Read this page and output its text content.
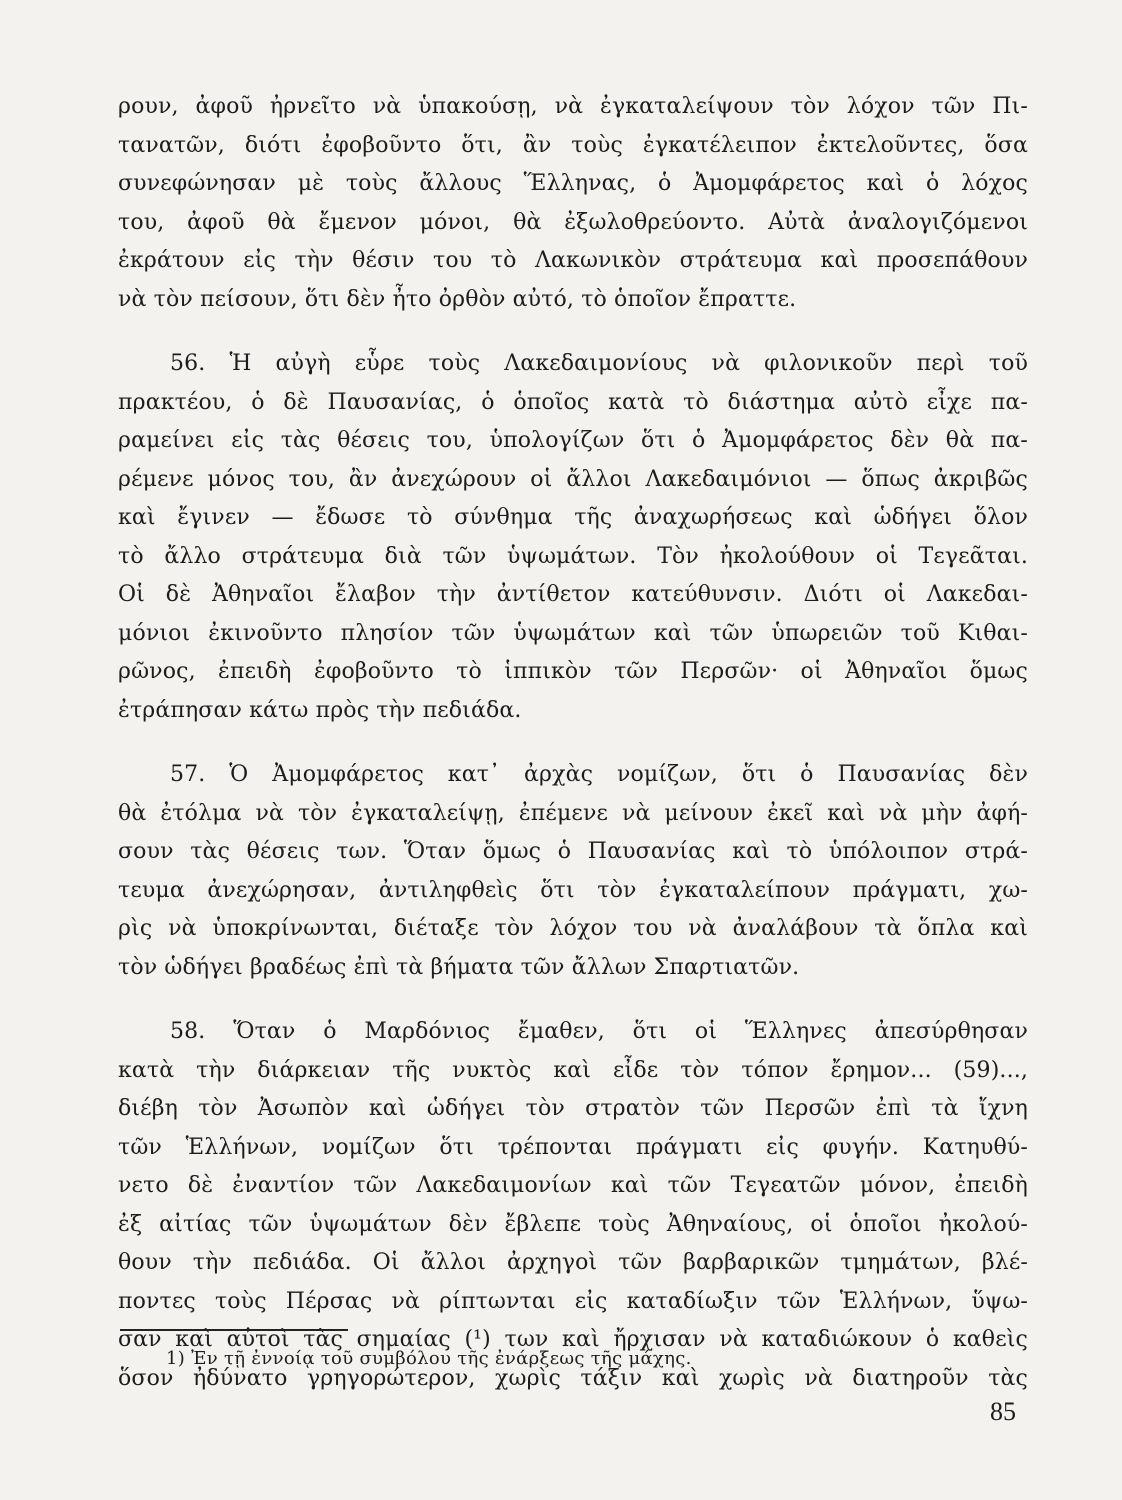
ρουν, ἀφοῦ ἠρνεῖτο νὰ ὑπακούσῃ, νὰ ἐγκαταλείψουν τὸν λόχον τῶν Πι-
τανατῶν, διότι ἐφοβοῦντο ὅτι, ἂν τοὺς ἐγκατέλειπον ἐκτελοῦντες, ὅσα
συνεφώνησαν μὲ τοὺς ἄλλους Ἕλληνας, ὁ Ἀμομφάρετος καὶ ὁ λόχος
του, ἀφοῦ θὰ ἔμενον μόνοι, θὰ ἐξωλοθρεύοντο. Αὐτὰ ἀναλογιζόμενοι
ἐκράτουν εἰς τὴν θέσιν του τὸ Λακωνικὸν στράτευμα καὶ προσεπάθουν
νὰ τὸν πείσουν, ὅτι δὲν ἦτο ὀρθὸν αὐτό, τὸ ὁποῖον ἔπραττε.
56. Ἡ αὐγὴ εὗρε τοὺς Λακεδαιμονίους νὰ φιλονικοῦν περὶ τοῦ
πρακτέου, ὁ δὲ Παυσανίας, ὁ ὁποῖος κατὰ τὸ διάστημα αὐτὸ εἶχε πα-
ραμείνει εἰς τὰς θέσεις του, ὑπολογίζων ὅτι ὁ Ἀμομφάρετος δὲν θὰ πα-
ρέμενε μόνος του, ἂν ἀνεχώρουν οἱ ἄλλοι Λακεδαιμόνιοι — ὅπως ἀκριβῶς
καὶ ἔγινεν — ἔδωσε τὸ σύνθημα τῆς ἀναχωρήσεως καὶ ὡδήγει ὅλον
τὸ ἄλλο στράτευμα διὰ τῶν ὑψωμάτων. Τὸν ἠκολούθουν οἱ Τεγεᾶται.
Οἱ δὲ Ἀθηναῖοι ἔλαβον τὴν ἀντίθετον κατεύθυνσιν. Διότι οἱ Λακεδαι-
μόνιοι ἐκινοῦντο πλησίον τῶν ὑψωμάτων καὶ τῶν ὑπωρειῶν τοῦ Κιθαι-
ρῶνος, ἐπειδὴ ἐφοβοῦντο τὸ ἱππικὸν τῶν Περσῶν· οἱ Ἀθηναῖοι ὅμως
ἐτράπησαν κάτω πρὸς τὴν πεδιάδα.
57. Ὁ Ἀμομφάρετος κατ᾽ ἀρχὰς νομίζων, ὅτι ὁ Παυσανίας δὲν
θὰ ἐτόλμα νὰ τὸν ἐγκαταλείψῃ, ἐπέμενε νὰ μείνουν ἐκεῖ καὶ νὰ μὴν ἀφή-
σουν τὰς θέσεις των. Ὅταν ὅμως ὁ Παυσανίας καὶ τὸ ὑπόλοιπον στρά-
τευμα ἀνεχώρησαν, ἀντιληφθεὶς ὅτι τὸν ἐγκαταλείπουν πράγματι, χω-
ρὶς νὰ ὑποκρίνωνται, διέταξε τὸν λόχον του νὰ ἀναλάβουν τὰ ὅπλα καὶ
τὸν ὡδήγει βραδέως ἐπὶ τὰ βήματα τῶν ἄλλων Σπαρτιατῶν.
58. Ὅταν ὁ Μαρδόνιος ἔμαθεν, ὅτι οἱ Ἕλληνες ἀπεσύρθησαν
κατὰ τὴν διάρκειαν τῆς νυκτὸς καὶ εἶδε τὸν τόπον ἔρημον... (59)...,
διέβη τὸν Ἀσωπὸν καὶ ὡδήγει τὸν στρατὸν τῶν Περσῶν ἐπὶ τὰ ἴχνη
τῶν Ἑλλήνων, νομίζων ὅτι τρέπονται πράγματι εἰς φυγήν. Κατηυθύ-
νετο δὲ ἐναντίον τῶν Λακεδαιμονίων καὶ τῶν Τεγεατῶν μόνον, ἐπειδὴ
ἐξ αἰτίας τῶν ὑψωμάτων δὲν ἔβλεπε τοὺς Ἀθηναίους, οἱ ὁποῖοι ἠκολού-
θουν τὴν πεδιάδα. Οἱ ἄλλοι ἀρχηγοὶ τῶν βαρβαρικῶν τμημάτων, βλέ-
ποντες τοὺς Πέρσας νὰ ρίπτωνται εἰς καταδίωξιν τῶν Ἑλλήνων, ὕψω-
σαν καὶ αὐτοὶ τὰς σημαίας (¹) των καὶ ἤρχισαν νὰ καταδιώκουν ὁ καθεὶς
ὅσον ἠδύνατο γρηγορώτερον, χωρὶς τάξιν καὶ χωρὶς νὰ διατηροῦν τὰς
1) Ἐν τῇ ἐννοίᾳ τοῦ συμβόλου τῆς ἐνάρξεως τῆς μάχης.
85
